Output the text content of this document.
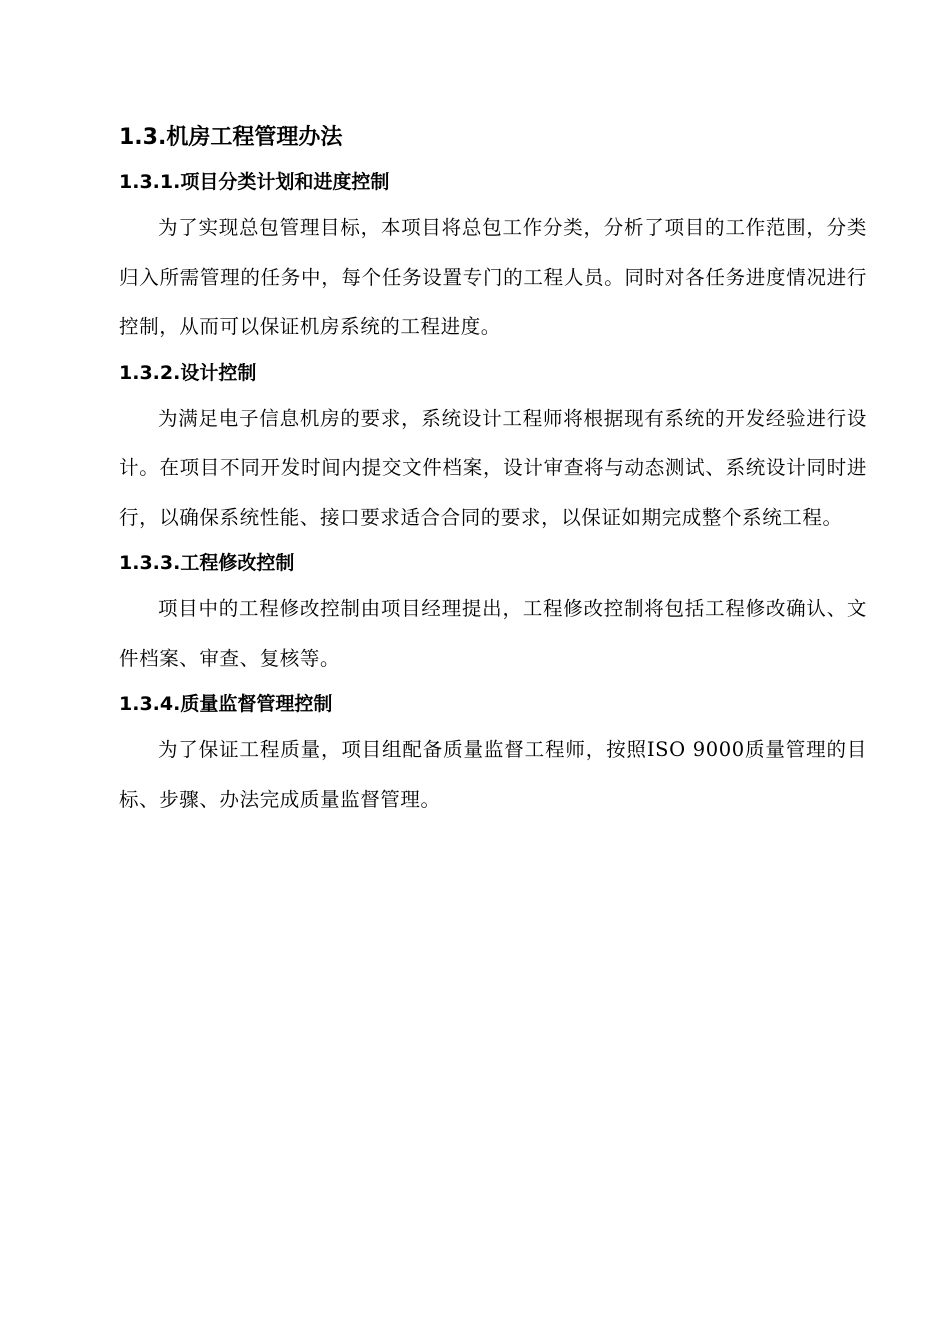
1.3.机房工程管理办法
1.3.1.项目分类计划和进度控制

为了实现总包管理目标，本项目将总包工作分类，分析了项目的工作范围，分类归入所需管理的任务中，每个任务设置专门的工程人员。同时对各任务进度情况进行控制，从而可以保证机房系统的工程进度。

1.3.2.设计控制

为满足电子信息机房的要求，系统设计工程师将根据现有系统的开发经验进行设计。在项目不同开发时间内提交文件档案，设计审查将与动态测试、系统设计同时进行，以确保系统性能、接口要求适合合同的要求，以保证如期完成整个系统工程。

1.3.3.工程修改控制

项目中的工程修改控制由项目经理提出，工程修改控制将包括工程修改确认、文件档案、审查、复核等。

1.3.4.质量监督管理控制

为了保证工程质量，项目组配备质量监督工程师，按照ISO 9000质量管理的目标、步骤、办法完成质量监督管理。
